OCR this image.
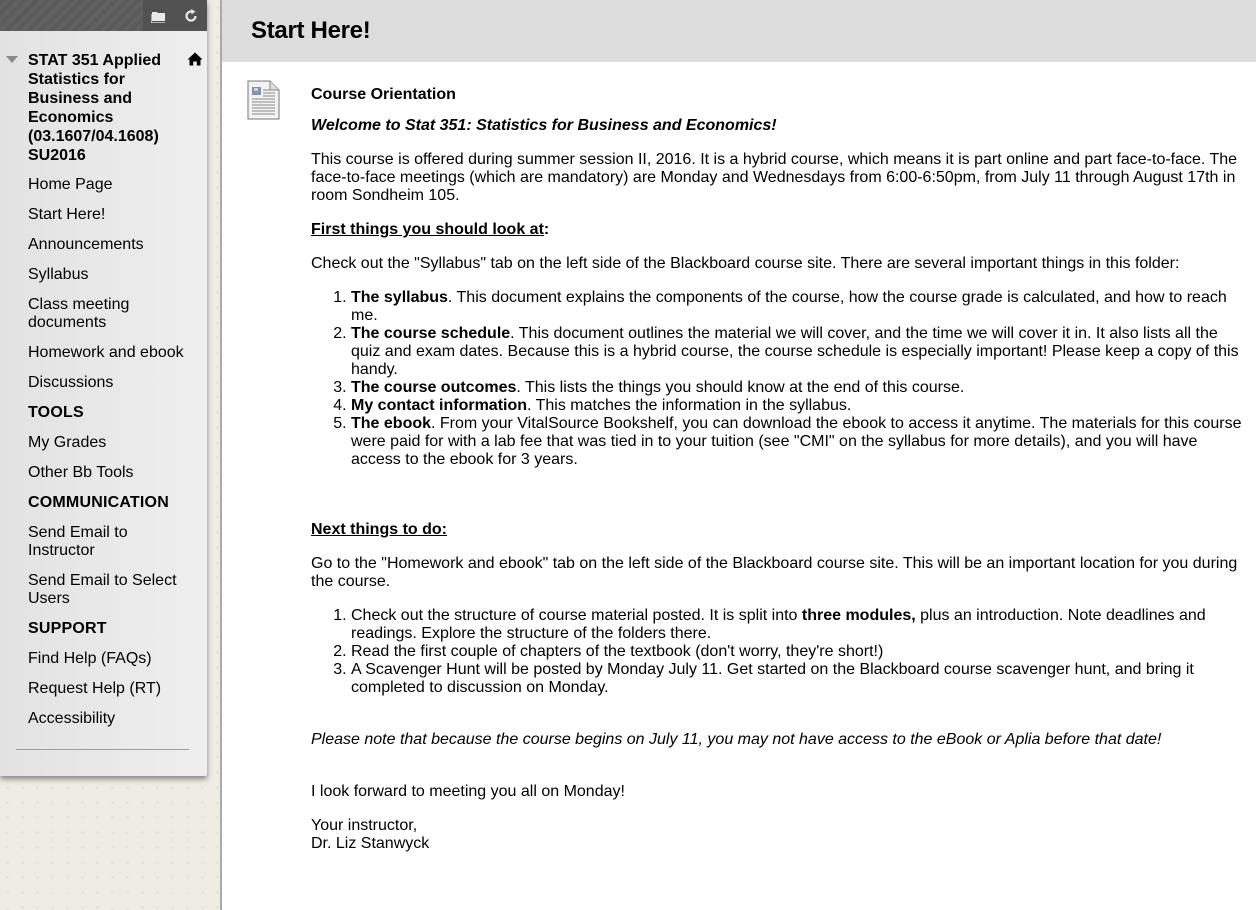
STAT 351 Applied Statistics for Business and Economics (03.1607/04.1608) SU2016
Home Page
Start Here!
Announcements
Syllabus
Class meeting documents
Homework and ebook
Discussions
TOOLS
My Grades
Other Bb Tools
COMMUNICATION
Send Email to Instructor
Send Email to Select Users
SUPPORT
Find Help (FAQs)
Request Help (RT)
Accessibility
Start Here!
Course Orientation
Welcome to Stat 351: Statistics for Business and Economics!
This course is offered during summer session II, 2016. It is a hybrid course, which means it is part online and part face-to-face. The face-to-face meetings (which are mandatory) are Monday and Wednesdays from 6:00-6:50pm, from July 11 through August 17th in room Sondheim 105.
First things you should look at:
Check out the "Syllabus" tab on the left side of the Blackboard course site. There are several important things in this folder:
1. The syllabus. This document explains the components of the course, how the course grade is calculated, and how to reach me.
2. The course schedule. This document outlines the material we will cover, and the time we will cover it in. It also lists all the quiz and exam dates. Because this is a hybrid course, the course schedule is especially important! Please keep a copy of this handy.
3. The course outcomes. This lists the things you should know at the end of this course.
4. My contact information. This matches the information in the syllabus.
5. The ebook. From your VitalSource Bookshelf, you can download the ebook to access it anytime. The materials for this course were paid for with a lab fee that was tied in to your tuition (see "CMI" on the syllabus for more details), and you will have access to the ebook for 3 years.
Next things to do:
Go to the "Homework and ebook" tab on the left side of the Blackboard course site. This will be an important location for you during the course.
1. Check out the structure of course material posted. It is split into three modules, plus an introduction. Note deadlines and readings. Explore the structure of the folders there.
2. Read the first couple of chapters of the textbook (don't worry, they're short!)
3. A Scavenger Hunt will be posted by Monday July 11. Get started on the Blackboard course scavenger hunt, and bring it completed to discussion on Monday.
Please note that because the course begins on July 11, you may not have access to the eBook or Aplia before that date!
I look forward to meeting you all on Monday!
Your instructor,
Dr. Liz Stanwyck
